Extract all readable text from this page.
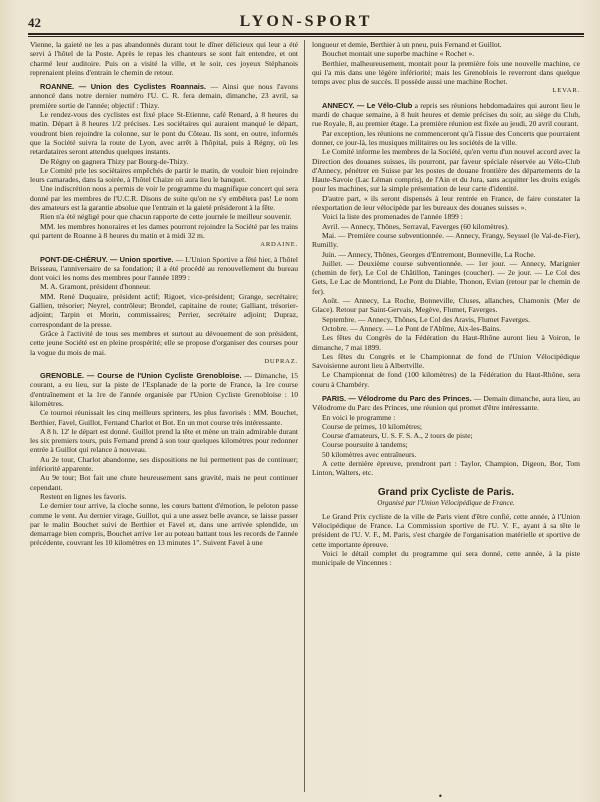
42	LYON-SPORT

Vienne, la gaieté ne les a pas abandonnés durant tout le dîner délicieux qui leur a été servi à l'hôtel de la Poste. Après le repas les chanteurs se sont fait entendre, et ont charmé leur auditoire. Puis on a visité la ville, et le soir, ces joyeux Stéphanois reprenaient pleins d'entrain le chemin de retour.

ROANNE. — Union des Cyclistes Roannais. — Ainsi que nous l'avons annoncé dans notre dernier numéro l'U. C. R. fera demain, dimanche, 23 avril, sa première sortie de l'année; objectif : Thizy.

Le rendez-vous des cyclistes est fixé place St-Etienne, café Renard, à 8 heures du matin. Départ à 8 heures 1/2 précises. Les sociétaires qui auraient manqué le départ, voudront bien rejoindre la colonne, sur le pont du Côteau. Ils sont, en outre, informés que la Société suivra la route de Lyon, avec arrêt à l'hôpital, puis à Régny, où les retardataires seront attendus quelques instants.

De Régny on gagnera Thizy par Bourg-de-Thizy.

Le Comité prie les sociétaires empêchés de partir le matin, de vouloir bien rejoindre leurs camarades, dans la soirée, à l'hôtel Chaize où aura lieu le banquet.

Une indiscrétion nous a permis de voir le programme du magnifique concert qui sera donné par les membres de l'U.C.R. Disons de suite qu'on ne s'y embêtera pas! Le nom des amateurs est la garantie absolue que l'entrain et la gaieté présideront à la fête.

Rien n'a été négligé pour que chacun rapporte de cette journée le meilleur souvenir.

MM. les membres honoraires et les dames pourront rejoindre la Société par les trains qui partent de Roanne à 8 heures du matin et à midi 32 m.

ARDAINE.

PONT-DE-CHÉRUY. — Union sportive. — L'Union Sportive a fêté hier, à l'hôtel Brisseau, l'anniversaire de sa fondation; il a été procédé au renouvellement du bureau dont voici les noms des membres pour l'année 1899 :

M. A. Gramont, président d'honneur.

MM. René Duquaire, président actif; Rigoet, vice-président; Grange, secrétaire; Gallien, trésorier; Neyrel, contrôleur; Brondel, capitaine de route; Galliant, trésorier-adjoint; Tarpin et Morin, commissaires; Perrier, secrétaire adjoint; Dupraz, correspondant de la presse.

Grâce à l'activité de tous ses membres et surtout au dévouement de son président, cette jeune Société est en pleine prospérité; elle se propose d'organiser des courses pour la vogue du mois de mai.

DUPRAZ.

GRENOBLE. — Course de l'Union Cycliste Grenobloise. — Dimanche, 15 courant, a eu lieu, sur la piste de l'Esplanade de la porte de France, la 1re course d'entraînement et la 1re de l'année organisée par l'Union Cycliste Grenobloise : 10 kilomètres.

Ce tournoi réunissait les cinq meilleurs sprinters, les plus favorisés : MM. Bouchet, Berthier, Favel, Guillot, Fernand Charlot et Bot. En un mot course très intéressante.

A 8 h. 12' le départ est donné. Guillot prend la tête et mène un train admirable durant les six premiers tours, puis Fernand prend à son tour quelques kilomètres pour redonner entrée à Guillot qui relance à nouveau.

Au 2e tour, Charlot abandonne, ses dispositions ne lui permettent pas de continuer; infériorité apparente.

Au 9e tour; Bot fait une chute heureusement sans gravité, mais ne peut continuer cependant.

Restent en lignes les favoris.

Le dernier tour arrive, la cloche sonne, les cœurs battent d'émotion, le peloton passe comme le vent. Au dernier virage, Guillot, qui a une assez belle avance, se laisse passer par le malin Bouchet suivi de Berthier et Favel et, dans une arrivée splendide, un demarrage bien compris, Bouchet arrive 1er au poteau battant tous les records de l'année précédente, couvrant les 10 kilomètres en 13 minutes 1". Suivent Favel à une

longueur et demie, Berthier à un pneu, puis Fernand et Guillot.

Bouchet montait une superbe machine « Rochet ».

Berthier, malheureusement, montait pour la première fois une nouvelle machine, ce qui l'a mis dans une légère infériorité; mais les Grenoblois le reverront dans quelque temps avec plus de succès. Il possède aussi une machine Rochet.

LEVAR.

ANNECY. — Le Vélo-Club a repris ses réunions hebdomadaires qui auront lieu le mardi de chaque semaine, à 8 huit heures et demie précises du soir, au siège du Club, rue Royale, 8, au premier étage. La première réunion est fixée au jeudi, 20 avril courant.

Par exception, les réunions ne commenceront qu'à l'issue des Concerts que pourraient donner, ce jour-là, les musiques militaires ou les sociétés de la ville.

Le Comité informe les membres de la Société, qu'en vertu d'un nouvel accord avec la Direction des douanes suisses, ils pourront, par faveur spéciale réservée au Vélo-Club d'Annecy, pénétrer en Suisse par les postes de douane frontière des départements de la Haute-Savoie (Lac Léman compris), de l'Ain et du Jura, sans acquitter les droits exigés pour les machines, sur la simple présentation de leur carte d'identité.

D'autre part, « ils seront dispensés à leur rentrée en France, de faire constater la réexportation de leur vélocipède par les bureaux des douanes suisses ».

Voici la liste des promenades de l'année 1899 :

Avril. — Annecy, Thônes, Serraval, Faverges (60 kilomètres).

Mai. — Première course subventionnée. — Annecy, Frangy, Seyssel (le Val-de-Fier), Rumilly.

Juin. — Annecy, Thônes, Georges d'Entremont, Bonneville, La Roche.

Juillet. — Deuxième course subventionnée. — 1er jour. — Annecy, Marignier (chemin de fer), Le Col de Châtillon, Taninges (coucher). — 2e jour. — Le Col des Gets, Le Lac de Montriond, Le Pont du Diable, Thonon, Evian (retour par le chemin de fer).

Août. — Annecy, La Roche, Bonneville, Cluses, allanches, Chamonix (Mer de Glace). Retour par Saint-Gervais, Megève, Flumet, Faverges.

Septembre. — Annecy, Thônes, Le Col des Aravis, Flumet Faverges.

Octobre. — Annecy. — Le Pont de l'Abîme, Aix-les-Bains.

Les fêtes du Congrès de la Fédération du Haut-Rhône auront lieu à Voiron, le dimanche, 7 mai 1899.

Les fêtes du Congrès et le Championnat de fond de l'Union Vélocipédique Savoisienne auront lieu à Albertville.

Le Championnat de fond (100 kilomètres) de la Fédération du Haut-Rhône, sera couru à Chambéry.

PARIS. — Vélodrome du Parc des Princes. — Demain dimanche, aura lieu, au Vélodrome du Parc des Princes, une réunion qui promet d'être intéressante.

En voici le programme :

Course de primes, 10 kilomètres;

Course d'amateurs, U. S. F. S. A., 2 tours de piste;

Course poursuite à tandems;

50 kilomètres avec entraîneurs.

A cette dernière épreuve, prendront part : Taylor, Champion, Digeon, Bor, Tom Linton, Walters, etc.

Grand prix Cycliste de Paris.
Organisé par l'Union Vélocipédique de France.

Le Grand Prix cycliste de la ville de Paris vient d'être confié, cette année, à l'Union Vélocipédique de France. La Commission sportive de l'U. V. F., ayant à sa tête le président de l'U. V. F., M. Paris, s'est chargée de l'organisation matérielle et sportive de cette importante épreuve.

Voici le détail complet du programme qui sera donné, cette année, à la piste municipale de Vincennes :

•
